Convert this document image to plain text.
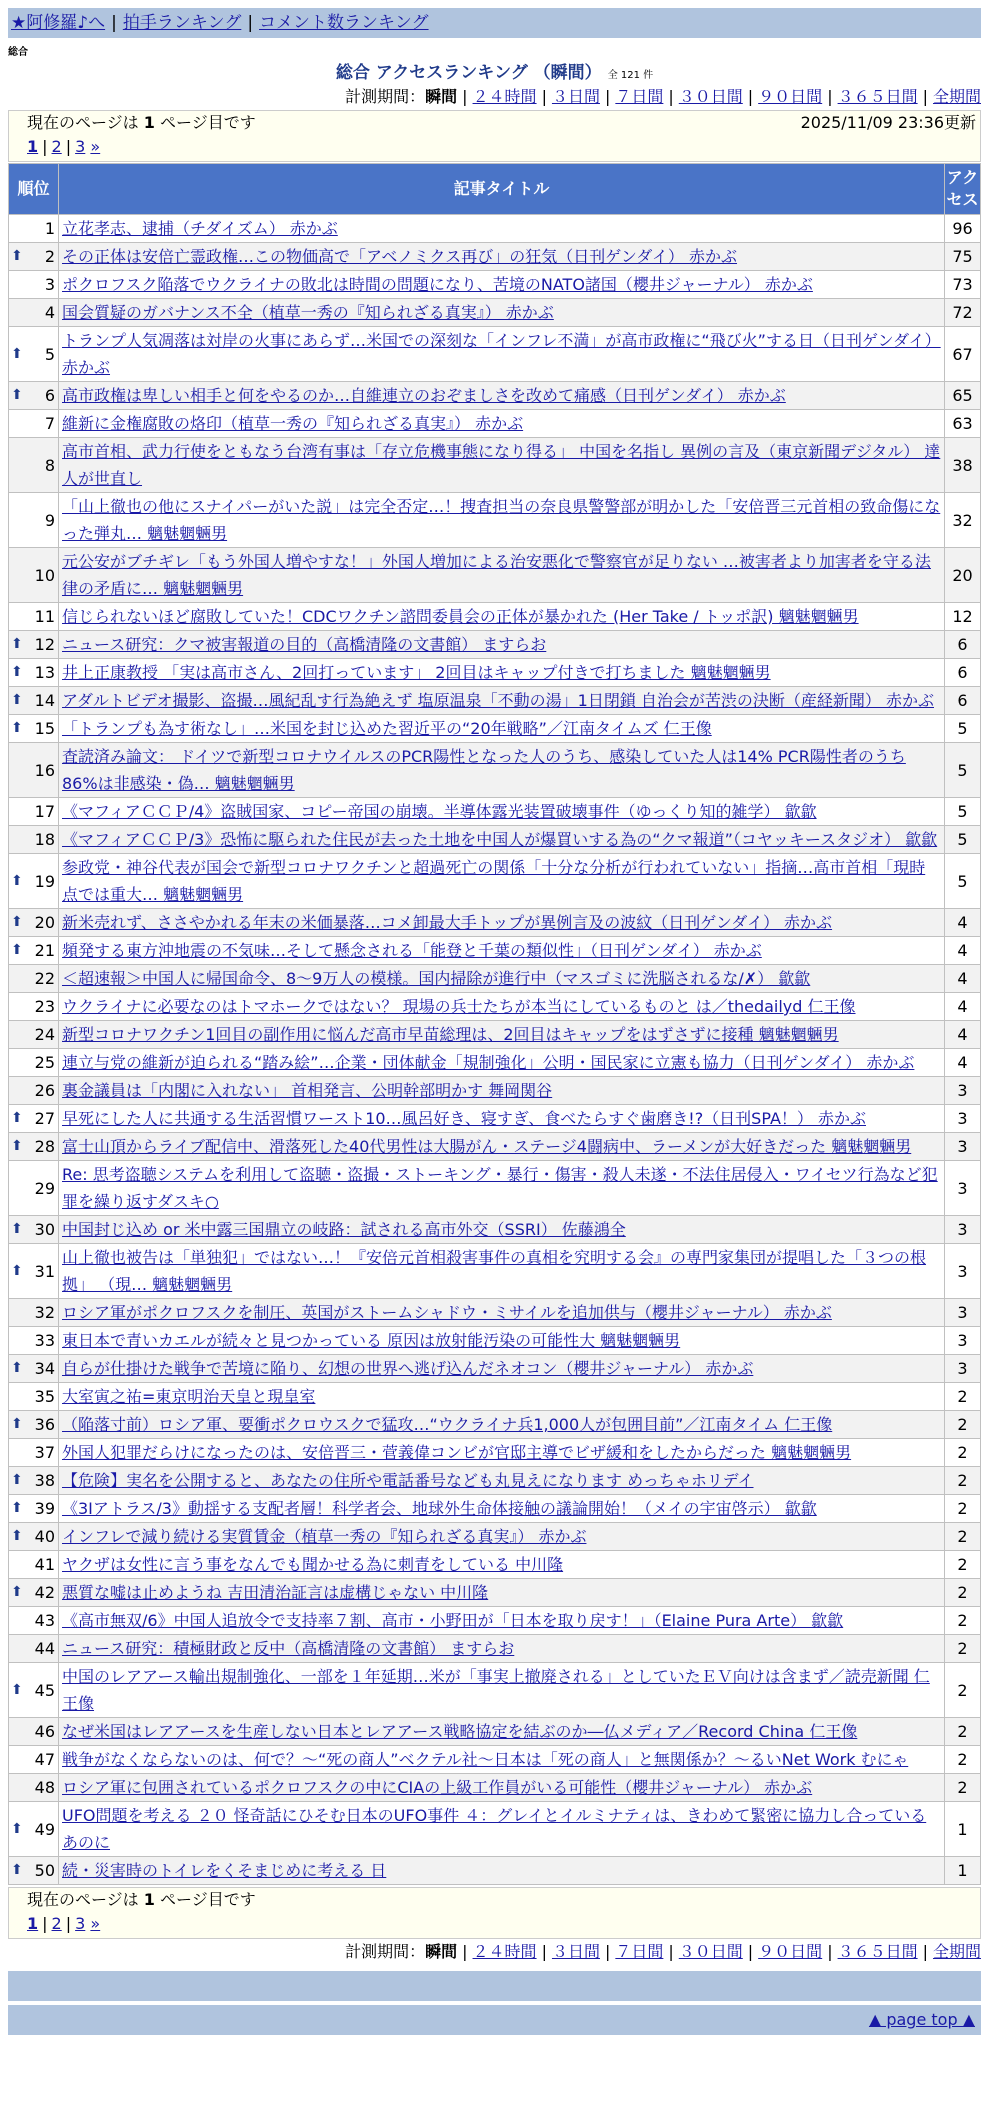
★阿修羅♪へ | 拍手ランキング | コメント数ランキング
総合
総合 アクセスランキング （瞬間） 全 121 件
計測期間：瞬間 | ２４時間 | ３日間 | ７日間 | ３０日間 | ９０日間 | ３６５日間 | 全期間
現在のページは 1 ページ目です	2025/11/09 23:36更新
1 | 2 | 3 »
順位	記事タイトル	アクセス
1	立花孝志、逮捕（チダイズム） 赤かぶ	96

⬆ 2	その正体は安倍亡霊政権…この物価高で「アベノミクス再び」の狂気（日刊ゲンダイ） 赤かぶ	75
3	ポクロフスク陥落でウクライナの敗北は時間の問題になり、苦境のNATO諸国（櫻井ジャーナル） 赤かぶ	73
4	国会質疑のガバナンス不全（植草一秀の『知られざる真実』） 赤かぶ	72

⬆ 5	トランプ人気凋落は対岸の火事にあらず…米国での深刻な「インフレ不満」が高市政権に“飛び火”する日（日刊ゲンダイ） 赤かぶ	67

⬆ 6	高市政権は卑しい相手と何をやるのか…自維連立のおぞましさを改めて痛感（日刊ゲンダイ） 赤かぶ	65
7	維新に金権腐敗の烙印（植草一秀の『知られざる真実』） 赤かぶ	63
8	高市首相、武力行使をともなう台湾有事は「存立危機事態になり得る」 中国を名指し 異例の言及（東京新聞デジタル） 達人が世直し	38
9	「山上徹也の他にスナイパーがいた説」は完全否定…！捜査担当の奈良県警警部が明かした「安倍晋三元首相の致命傷になった弾丸… 魑魅魍魎男	32
10	元公安がブチギレ「もう外国人増やすな！」外国人増加による治安悪化で警察官が足りない …被害者より加害者を守る法律の矛盾に… 魑魅魍魎男	20
11	信じられないほど腐敗していた！CDCワクチン諮問委員会の正体が暴かれた (Her Take / トッポ訳) 魑魅魍魎男	12

⬆ 12	ニュース研究：クマ被害報道の目的（高橋清隆の文書館） ますらお	6

⬆ 13	井上正康教授 「実は高市さん、2回打っています」 2回目はキャップ付きで打ちました 魑魅魍魎男	6

⬆ 14	アダルトビデオ撮影、盗撮…風紀乱す行為絶えず 塩原温泉「不動の湯」1日閉鎖 自治会が苦渋の決断（産経新聞） 赤かぶ	6

⬆ 15	「トランプも為す術なし」…米国を封じ込めた習近平の“20年戦略”／江南タイムズ 仁王像	5
16	査読済み論文： ドイツで新型コロナウイルスのPCR陽性となった人のうち、感染していた人は14% PCR陽性者のうち86%は非感染・偽… 魑魅魍魎男	5
17	《マフィアＣＣＰ/4》盗賊国家、コピー帝国の崩壊。半導体露光装置破壊事件（ゆっくり知的雑学） 歙歙	5
18	《マフィアＣＣＰ/3》恐怖に駆られた住民が去った土地を中国人が爆買いする為の“クマ報道”（コヤッキースタジオ） 歙歙	5

⬆ 19	参政党・神谷代表が国会で新型コロナワクチンと超過死亡の関係「十分な分析が行われていない」指摘…高市首相「現時点では重大… 魑魅魍魎男	5

⬆ 20	新米売れず、ささやかれる年末の米価暴落…コメ卸最大手トップが異例言及の波紋（日刊ゲンダイ） 赤かぶ	4

⬆ 21	頻発する東方沖地震の不気味…そして懸念される「能登と千葉の類似性」（日刊ゲンダイ） 赤かぶ	4
22	＜超速報＞中国人に帰国命令、8〜9万人の模様。国内掃除が進行中（マスゴミに洗脳されるな/✗） 歙歙	4
23	ウクライナに必要なのはトマホークではない？ 現場の兵士たちが本当にしているものと は／thedailyd 仁王像	4
24	新型コロナワクチン1回目の副作用に悩んだ高市早苗総理は、2回目はキャップをはずさずに接種 魑魅魍魎男	4
25	連立与党の維新が迫られる“踏み絵”…企業・団体献金「規制強化」公明・国民家に立憲も協力（日刊ゲンダイ） 赤かぶ	4
26	裏金議員は「内閣に入れない」 首相発言、公明幹部明かす 舞岡関谷	3

⬆ 27	早死にした人に共通する生活習慣ワースト10…風呂好き、寝すぎ、食べたらすぐ歯磨き!?（日刊SPA！） 赤かぶ	3

⬆ 28	富士山頂からライブ配信中、滑落死した40代男性は大腸がん・ステージ4闘病中、ラーメンが大好きだった 魑魅魍魎男	3
29	Re: 思考盗聴システムを利用して盗聴・盗撮・ストーキング・暴行・傷害・殺人未遂・不法住居侵入・ワイセツ行為など犯罪を繰り返すダスキ○	3

⬆ 30	中国封じ込め or 米中露三国鼎立の岐路：試される高市外交（SSRI） 佐藤鴻全	3

⬆ 31	山上徹也被告は「単独犯」ではない…！『安倍元首相殺害事件の真相を究明する会』の専門家集団が提唱した「３つの根拠」 （現… 魑魅魍魎男	3
32	ロシア軍がポクロフスクを制圧、英国がストームシャドウ・ミサイルを追加供与（櫻井ジャーナル） 赤かぶ	3
33	東日本で青いカエルが続々と見つかっている 原因は放射能汚染の可能性大 魑魅魍魎男	3

⬆ 34	自らが仕掛けた戦争で苦境に陥り、幻想の世界へ逃げ込んだネオコン（櫻井ジャーナル） 赤かぶ	3
35	大室寅之祐=東京明治天皇と現皇室	2

⬆ 36	（陥落寸前）ロシア軍、要衝ポクロウスクで猛攻…“ウクライナ兵1,000人が包囲目前”／江南タイム 仁王像	2
37	外国人犯罪だらけになったのは、安倍晋三・菅義偉コンビが官邸主導でビザ緩和をしたからだった 魑魅魍魎男	2

⬆ 38	【危険】実名を公開すると、あなたの住所や電話番号なども丸見えになります めっちゃホリデイ	2

⬆ 39	《3Iアトラス/3》動揺する支配者層！科学者会、地球外生命体接触の議論開始！（メイの宇宙啓示） 歙歙	2

⬆ 40	インフレで減り続ける実質賃金（植草一秀の『知られざる真実』） 赤かぶ	2
41	ヤクザは女性に言う事をなんでも聞かせる為に刺青をしている 中川隆	2

⬆ 42	悪質な嘘は止めようね 吉田清治証言は虚構じゃない 中川隆	2
43	《高市無双/6》中国人追放令で支持率７割、高市・小野田が「日本を取り戻す！」（Elaine Pura Arte） 歙歙	2
44	ニュース研究：積極財政と反中（高橋清隆の文書館） ますらお	2

⬆ 45	中国のレアアース輸出規制強化、一部を１年延期…米が「事実上撤廃される」としていたＥＶ向けは含まず／読売新聞 仁王像	2
46	なぜ米国はレアアースを生産しない日本とレアアース戦略協定を結ぶのか―仏メディア／Record China 仁王像	2
47	戦争がなくならないのは、何で？〜“死の商人”ベクテル社〜日本は「死の商人」と無関係か？〜るいNet Work むにゃ	2
48	ロシア軍に包囲されているポクロフスクの中にCIAの上級工作員がいる可能性（櫻井ジャーナル） 赤かぶ	2

⬆ 49	UFO問題を考える ２０ 怪奇話にひそむ日本のUFO事件 ４：グレイとイルミナティは、きわめて緊密に協力し合っている あのに	1

⬆ 50	続・災害時のトイレをくそまじめに考える 日	1
現在のページは 1 ページ目です
1 | 2 | 3 »
計測期間：瞬間 | ２４時間 | ３日間 | ７日間 | ３０日間 | ９０日間 | ３６５日間 | 全期間
▲ page top ▲
